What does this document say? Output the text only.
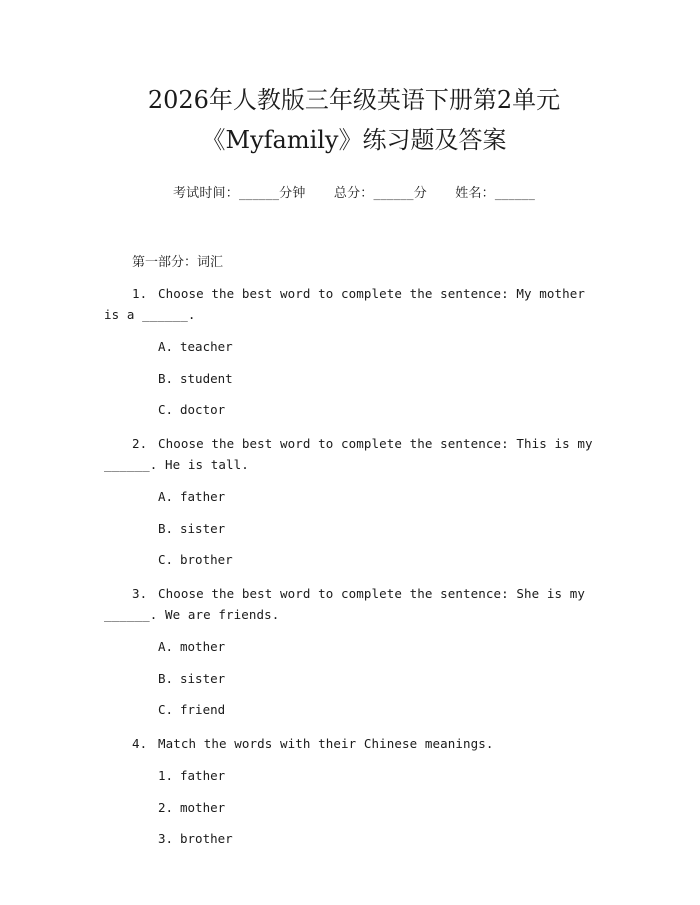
2026年人教版三年级英语下册第2单元
《Myfamily》练习题及答案
考试时间：______分钟 总分：______分 姓名：______
第一部分：词汇
1. Choose the best word to complete the sentence: My mother is a ______.
A. teacher
B. student
C. doctor
2. Choose the best word to complete the sentence: This is my ______. He is tall.
A. father
B. sister
C. brother
3. Choose the best word to complete the sentence: She is my ______. We are friends.
A. mother
B. sister
C. friend
4. Match the words with their Chinese meanings.
1. father
2. mother
3. brother
